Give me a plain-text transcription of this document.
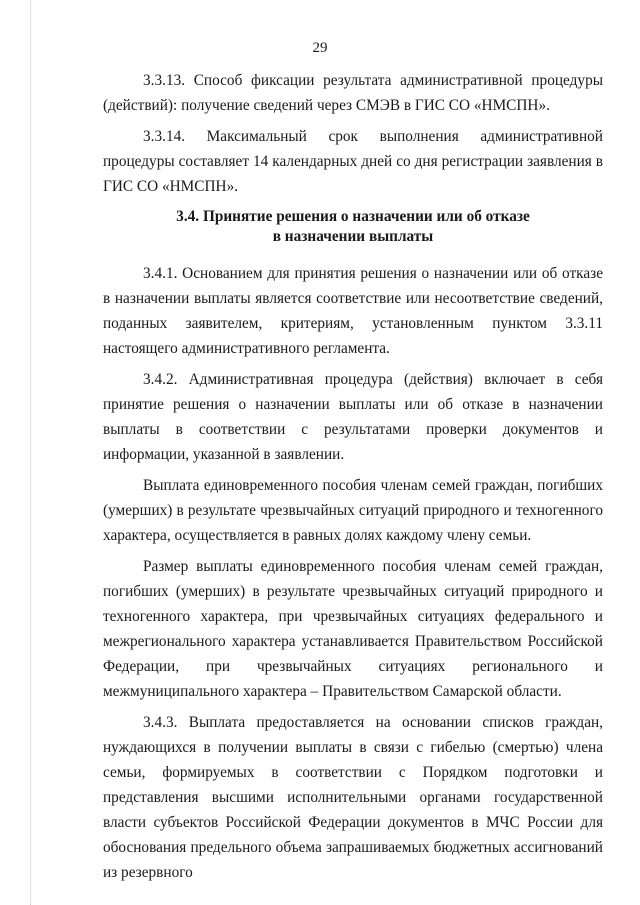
29

3.3.13. Способ фиксации результата административной процедуры (действий): получение сведений через СМЭВ в ГИС СО «НМСПН».

3.3.14. Максимальный срок выполнения административной процедуры составляет 14 календарных дней со дня регистрации заявления в ГИС СО «НМСПН».

3.4. Принятие решения о назначении или об отказе
в назначении выплаты

3.4.1. Основанием для принятия решения о назначении или об отказе в назначении выплаты является соответствие или несоответствие сведений, поданных заявителем, критериям, установленным пунктом 3.3.11 настоящего административного регламента.

3.4.2. Административная процедура (действия) включает в себя принятие решения о назначении выплаты или об отказе в назначении выплаты в соответствии с результатами проверки документов и информации, указанной в заявлении.

Выплата единовременного пособия членам семей граждан, погибших (умерших) в результате чрезвычайных ситуаций природного и техногенного характера, осуществляется в равных долях каждому члену семьи.

Размер выплаты единовременного пособия членам семей граждан, погибших (умерших) в результате чрезвычайных ситуаций природного и техногенного характера, при чрезвычайных ситуациях федерального и межрегионального характера устанавливается Правительством Российской Федерации, при чрезвычайных ситуациях регионального и межмуниципального характера – Правительством Самарской области.

3.4.3. Выплата предоставляется на основании списков граждан, нуждающихся в получении выплаты в связи с гибелью (смертью) члена семьи, формируемых в соответствии с Порядком подготовки и представления высшими исполнительными органами государственной власти субъектов Российской Федерации документов в МЧС России для обоснования предельного объема запрашиваемых бюджетных ассигнований из резервного
